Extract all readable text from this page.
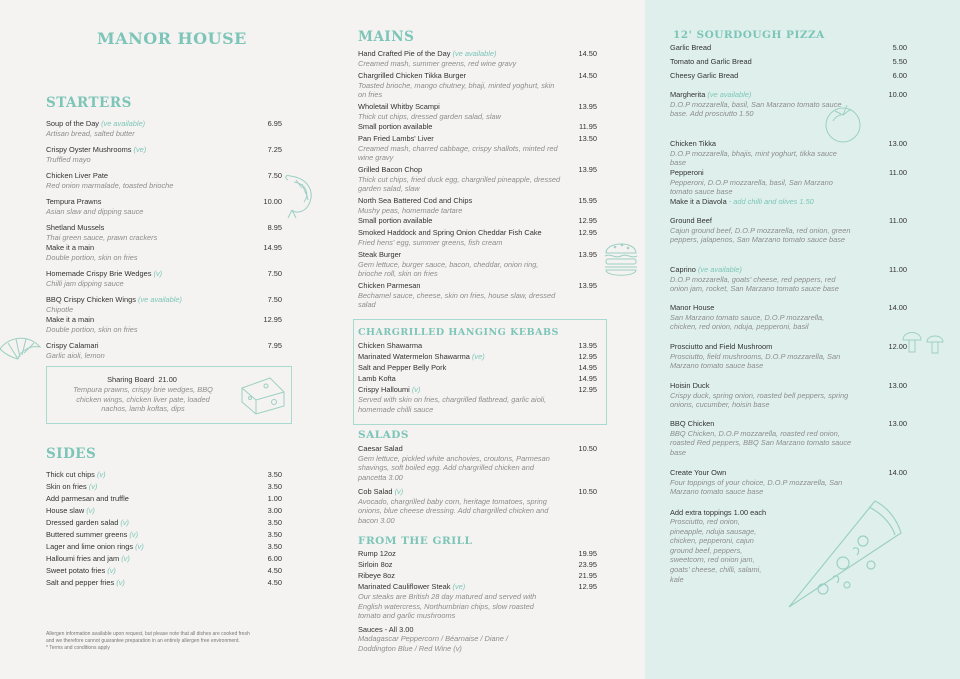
MANOR HOUSE
STARTERS
Soup of the Day (ve available)	6.95
Artisan bread, salted butter
Crispy Oyster Mushrooms (ve)	7.25
Truffled mayo
Chicken Liver Pate	7.50
Red onion marmalade, toasted brioche
Tempura Prawns	10.00
Asian slaw and dipping sauce
Shetland Mussels	8.95
Thai green sauce, prawn crackers
Make it a main	14.95
Double portion, skin on fries
Homemade Crispy Brie Wedges (v)	7.50
Chilli jam dipping sauce
BBQ Crispy Chicken Wings (ve available)	7.50
Chipotle
Make it a main	12.95
Double portion, skin on fries
Crispy Calamari	7.95
Garlic aioli, lemon
Sharing Board 21.00
Tempura prawns, crispy brie wedges, BBQ chicken wings, chicken liver pate, loaded nachos, lamb koftas, dips
SIDES
Thick cut chips (v)	3.50
Skin on fries (v)	3.50
Add parmesan and truffle	1.00
House slaw (v)	3.00
Dressed garden salad (v)	3.50
Buttered summer greens (v)	3.50
Lager and lime onion rings (v)	3.50
Halloumi fries and jam (v)	6.00
Sweet potato fries (v)	4.50
Salt and pepper fries (v)	4.50
Allergen information available upon request, but please note that all dishes are cooked fresh
and we therefore cannot guarantee preparation in an entirely allergen free environment.
* Terms and conditions apply
MAINS
Hand Crafted Pie of the Day (ve available)	14.50
Creamed mash, summer greens, red wine gravy
Chargrilled Chicken Tikka Burger	14.50
Toasted brioche, mango chutney, bhaji, minted yoghurt, skin on fries
Wholetail Whitby Scampi	13.95
Thick cut chips, dressed garden salad, slaw
Small portion available	11.95
Pan Fried Lambs' Liver	13.50
Creamed mash, charred cabbage, crispy shallots, minted red wine gravy
Grilled Bacon Chop	13.95
Thick cut chips, fried duck egg, chargrilled pineapple, dressed garden salad, slaw
North Sea Battered Cod and Chips	15.95
Mushy peas, homemade tartare
Small portion available	12.95
Smoked Haddock and Spring Onion Cheddar Fish Cake	12.95
Fried hens' egg, summer greens, fish cream
Steak Burger	13.95
Gem lettuce, burger sauce, bacon, cheddar, onion ring, brioche roll, skin on fries
Chicken Parmesan	13.95
Bechamel sauce, cheese, skin on fries, house slaw, dressed salad
CHARGRILLED HANGING KEBABS
Chicken Shawarma	13.95
Marinated Watermelon Shawarma (ve)	12.95
Salt and Pepper Belly Pork	14.95
Lamb Kofta	14.95
Crispy Halloumi (v)	12.95
Served with skin on fries, chargrilled flatbread, garlic aioli, homemade chilli sauce
SALADS
Caesar Salad	10.50
Gem lettuce, pickled white anchovies, croutons, Parmesan shavings, soft boiled egg. Add chargrilled chicken and pancetta 3.00
Cob Salad (v)	10.50
Avocado, chargrilled baby corn, heritage tomatoes, spring onions, blue cheese dressing. Add chargrilled chicken and bacon 3.00
FROM THE GRILL
Rump 12oz	19.95
Sirloin 8oz	23.95
Ribeye 8oz	21.95
Marinated Cauliflower Steak (ve)	12.95
Our steaks are British 28 day matured and served with English watercress, Northumbrian chips, slow roasted tomato and garlic mushrooms
Sauces - All 3.00
Madagascar Peppercorn / Béarnaise / Diane / Doddington Blue / Red Wine (v)
12' SOURDOUGH PIZZA
Garlic Bread	5.00
Tomato and Garlic Bread	5.50
Cheesy Garlic Bread	6.00
Margherita (ve available)	10.00
D.O.P mozzarella, basil, San Marzano tomato sauce base. Add prosciutto 1.50
Chicken Tikka	13.00
D.O.P mozzarella, bhajis, mint yoghurt, tikka sauce base
Pepperoni	11.00
Pepperoni, D.O.P mozzarella, basil, San Marzano tomato sauce base
Make it a Diavola - add chilli and olives 1.50
Ground Beef	11.00
Cajun ground beef, D.O.P mozzarella, red onion, green peppers, jalapenos, San Marzano tomato sauce base
Caprino (ve available)	11.00
D.O.P mozzarella, goats' cheese, red peppers, red onion jam, rocket, San Marzano tomato sauce base
Manor House	14.00
San Marzano tomato sauce, D.O.P mozzarella, chicken, red onion, nduja, pepperoni, basil
Prosciutto and Field Mushroom	12.00
Prosciutto, field mushrooms, D.O.P mozzarella, San Marzano tomato sauce base
Hoisin Duck	13.00
Crispy duck, spring onion, roasted bell peppers, spring onions, cucumber, hoisin base
BBQ Chicken	13.00
BBQ Chicken, D.O.P mozzarella, roasted red onion, roasted Red peppers, BBQ San Marzano tomato sauce base
Create Your Own	14.00
Four toppings of your choice, D.O.P mozzarella, San Marzano tomato sauce base
Add extra toppings 1.00 each
Prosciutto, red onion, pineapple, nduja sausage, chicken, pepperoni, cajun ground beef, peppers, sweetcorn, red onion jam, goats' cheese, chilli, salami, kale
